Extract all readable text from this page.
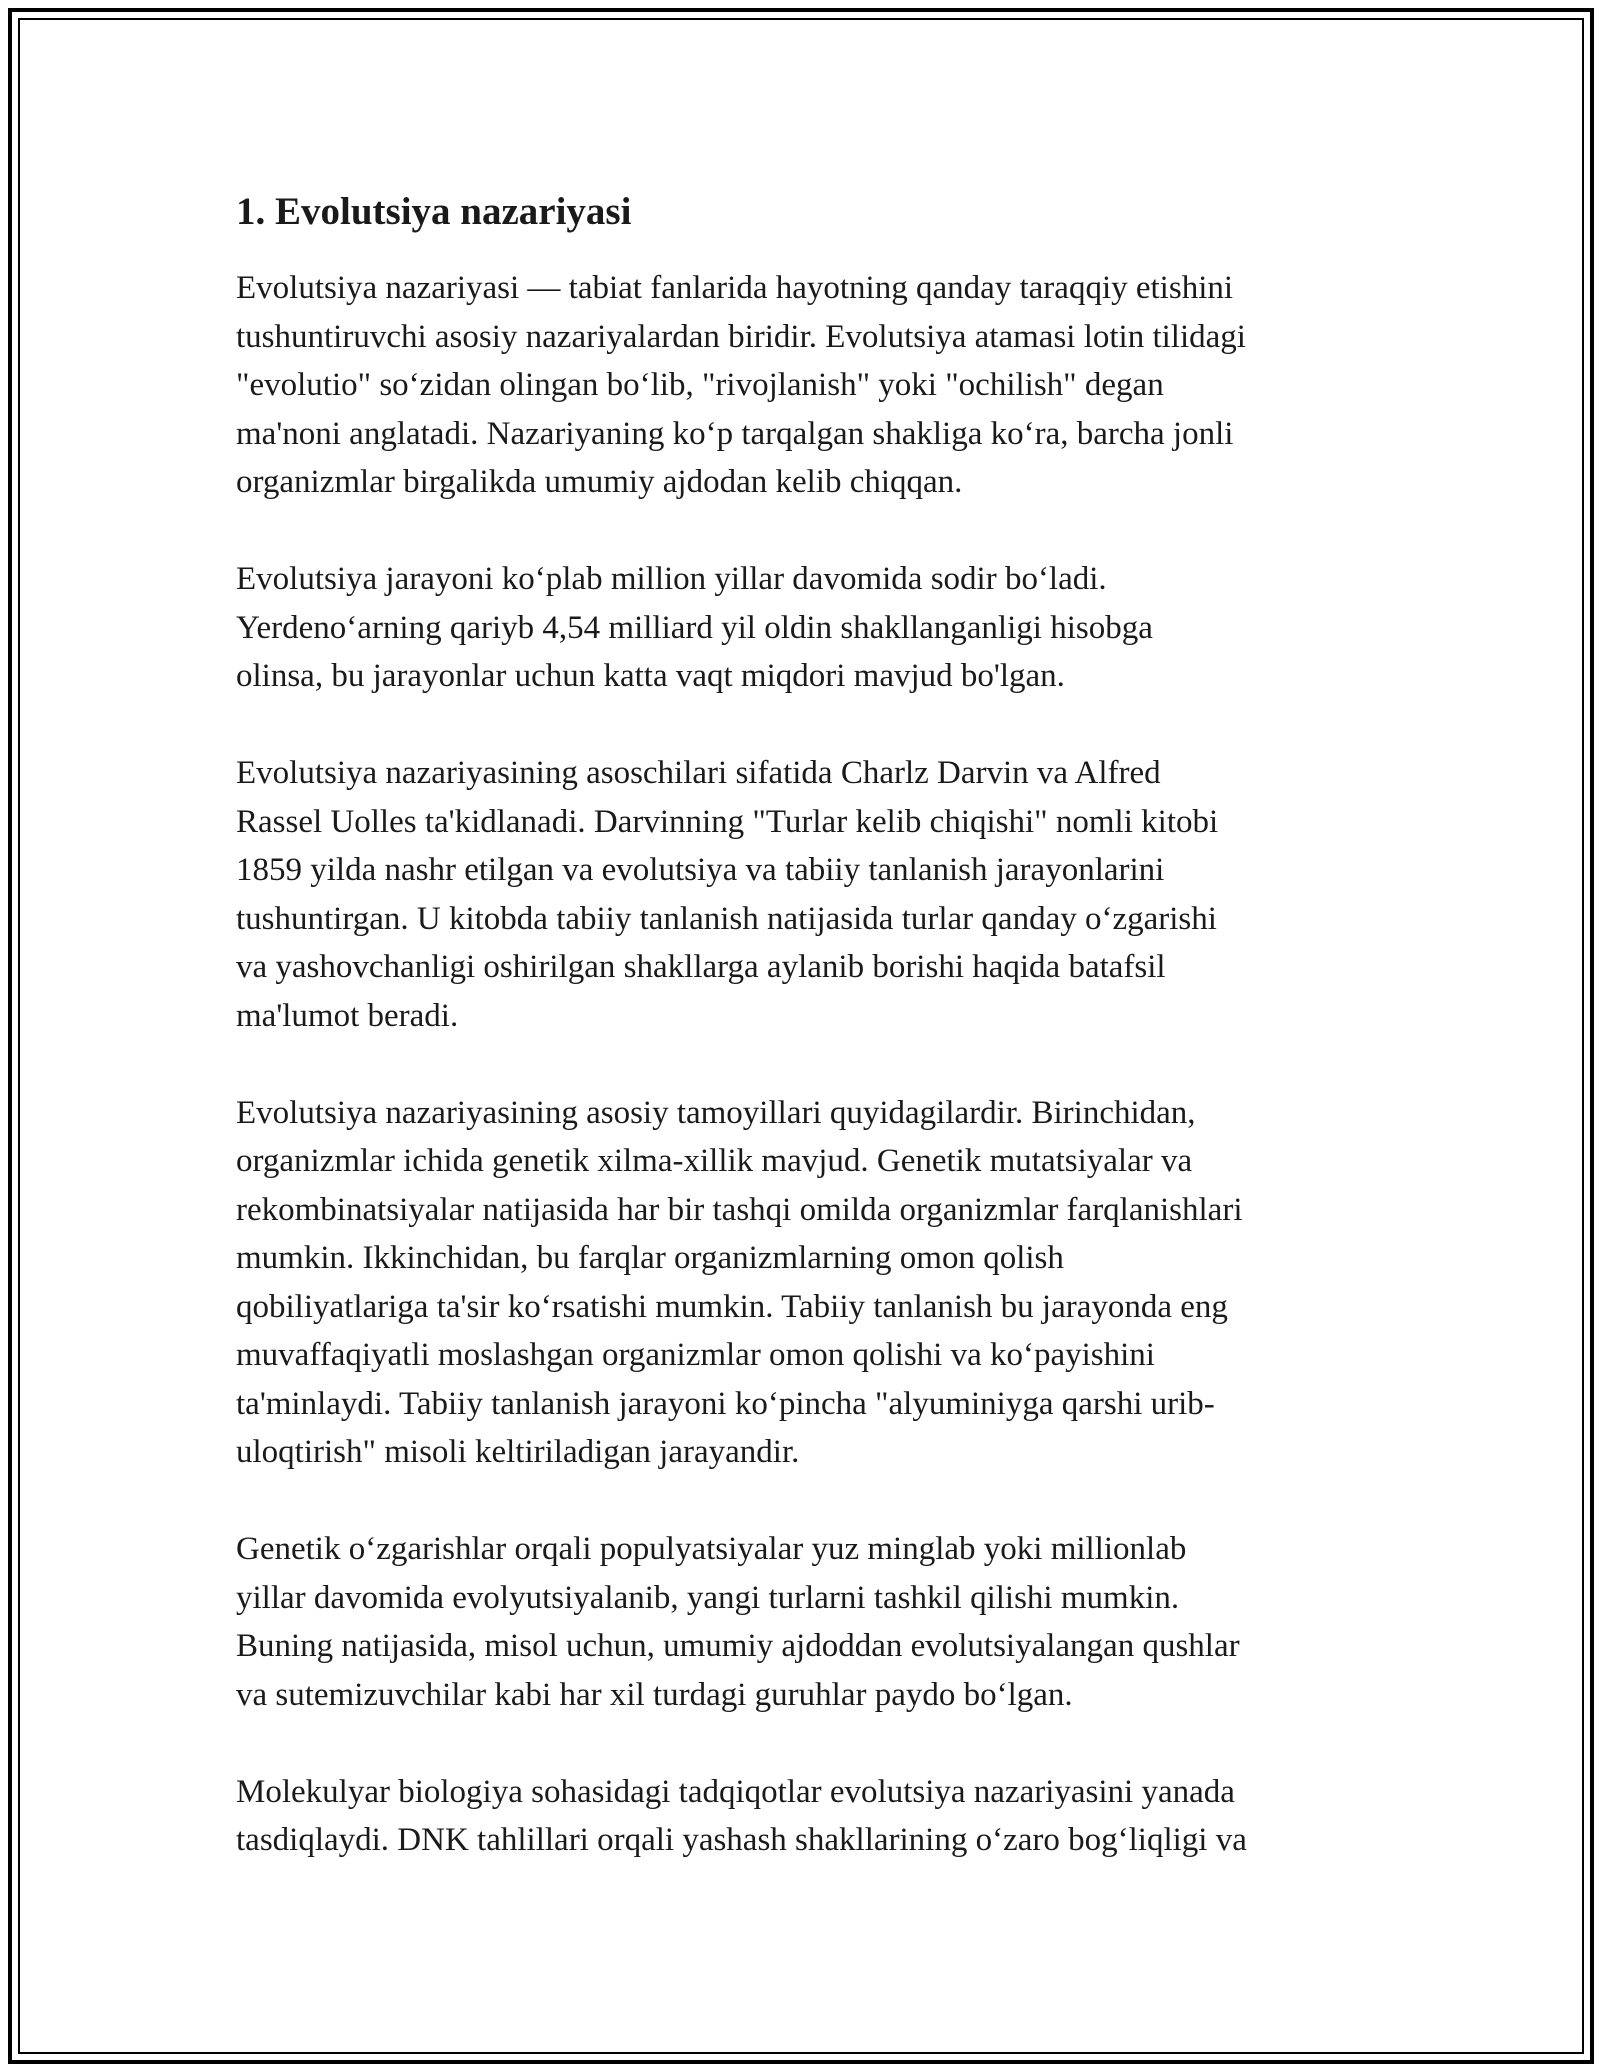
1. Evolutsiya nazariyasi

Evolutsiya nazariyasi — tabiat fanlarida hayotning qanday taraqqiy etishini
tushuntiruvchi asosiy nazariyalardan biridir. Evolutsiya atamasi lotin tilidagi
"evolutio" so‘zidan olingan bo‘lib, "rivojlanish" yoki "ochilish" degan
ma'noni anglatadi. Nazariyaning ko‘p tarqalgan shakliga ko‘ra, barcha jonli
organizmlar birgalikda umumiy ajdodan kelib chiqqan.

Evolutsiya jarayoni ko‘plab million yillar davomida sodir bo‘ladi.
Yerdeno‘arning qariyb 4,54 milliard yil oldin shakllanganligi hisobga
olinsa, bu jarayonlar uchun katta vaqt miqdori mavjud bo'lgan.

Evolutsiya nazariyasining asoschilari sifatida Charlz Darvin va Alfred
Rassel Uolles ta'kidlanadi. Darvinning "Turlar kelib chiqishi" nomli kitobi
1859 yilda nashr etilgan va evolutsiya va tabiiy tanlanish jarayonlarini
tushuntirgan. U kitobda tabiiy tanlanish natijasida turlar qanday o‘zgarishi
va yashovchanligi oshirilgan shakllarga aylanib borishi haqida batafsil
ma'lumot beradi.

Evolutsiya nazariyasining asosiy tamoyillari quyidagilardir. Birinchidan,
organizmlar ichida genetik xilma-xillik mavjud. Genetik mutatsiyalar va
rekombinatsiyalar natijasida har bir tashqi omilda organizmlar farqlanishlari
mumkin. Ikkinchidan, bu farqlar organizmlarning omon qolish
qobiliyatlariga ta'sir ko‘rsatishi mumkin. Tabiiy tanlanish bu jarayonda eng
muvaffaqiyatli moslashgan organizmlar omon qolishi va ko‘payishini
ta'minlaydi. Tabiiy tanlanish jarayoni ko‘pincha "alyuminiyga qarshi urib-
uloqtirish" misoli keltiriladigan jarayandir.

Genetik o‘zgarishlar orqali populyatsiyalar yuz minglab yoki millionlab
yillar davomida evolyutsiyalanib, yangi turlarni tashkil qilishi mumkin.
Buning natijasida, misol uchun, umumiy ajdoddan evolutsiyalangan qushlar
va sutemizuvchilar kabi har xil turdagi guruhlar paydo bo‘lgan.

Molekulyar biologiya sohasidagi tadqiqotlar evolutsiya nazariyasini yanada
tasdiqlaydi. DNK tahlillari orqali yashash shakllarining o‘zaro bog‘liqligi va
